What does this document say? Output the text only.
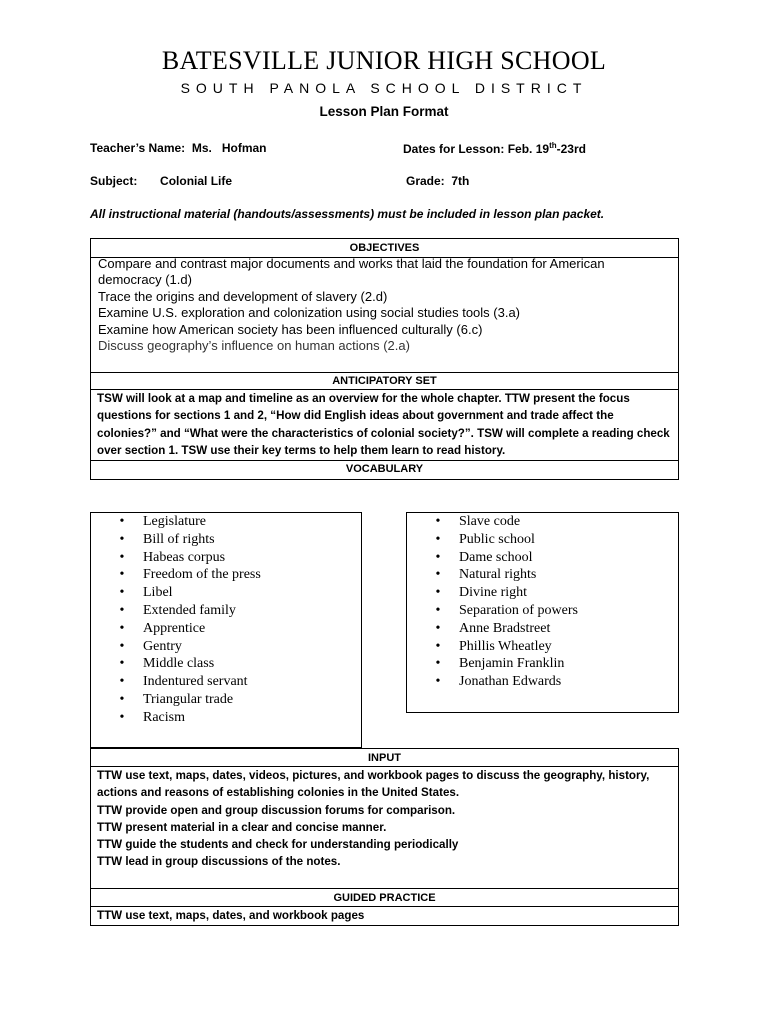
BATESVILLE JUNIOR HIGH SCHOOL
SOUTH PANOLA SCHOOL DISTRICT
Lesson Plan Format
Teacher’s Name: Ms.   Hofman	Dates for Lesson: Feb. 19th-23rd
Subject: Colonial Life	Grade: 7th
All instructional material (handouts/assessments) must be included in lesson plan packet.
OBJECTIVES
Compare and contrast major documents and works that laid the foundation for American democracy (1.d)
Trace the origins and development of slavery (2.d)
Examine U.S. exploration and colonization using social studies tools (3.a)
Examine how American society has been influenced culturally (6.c)
Discuss geography’s influence on human actions (2.a)
ANTICIPATORY SET
TSW will look at a map and timeline as an overview for the whole chapter. TTW present the focus questions for sections 1 and 2, “How did English ideas about government and trade affect the colonies?” and “What were the characteristics of colonial society?”. TSW will complete a reading check over section 1. TSW use their key terms to help them learn to read history.
VOCABULARY
• Legislature
• Bill of rights
• Habeas corpus
• Freedom of the press
• Libel
• Extended family
• Apprentice
• Gentry
• Middle class
• Indentured servant
• Triangular trade
• Racism
• Slave code
• Public school
• Dame school
• Natural rights
• Divine right
• Separation of powers
• Anne Bradstreet
• Phillis Wheatley
• Benjamin Franklin
• Jonathan Edwards
INPUT
TTW use text, maps, dates, videos, pictures, and workbook pages to discuss the geography, history,
actions and reasons of establishing colonies in the United States.
TTW provide open and group discussion forums for comparison.
TTW present material in a clear and concise manner.
TTW guide the students and check for understanding periodically
TTW lead in group discussions of the notes.
GUIDED PRACTICE
TTW use text, maps, dates, and workbook pages
